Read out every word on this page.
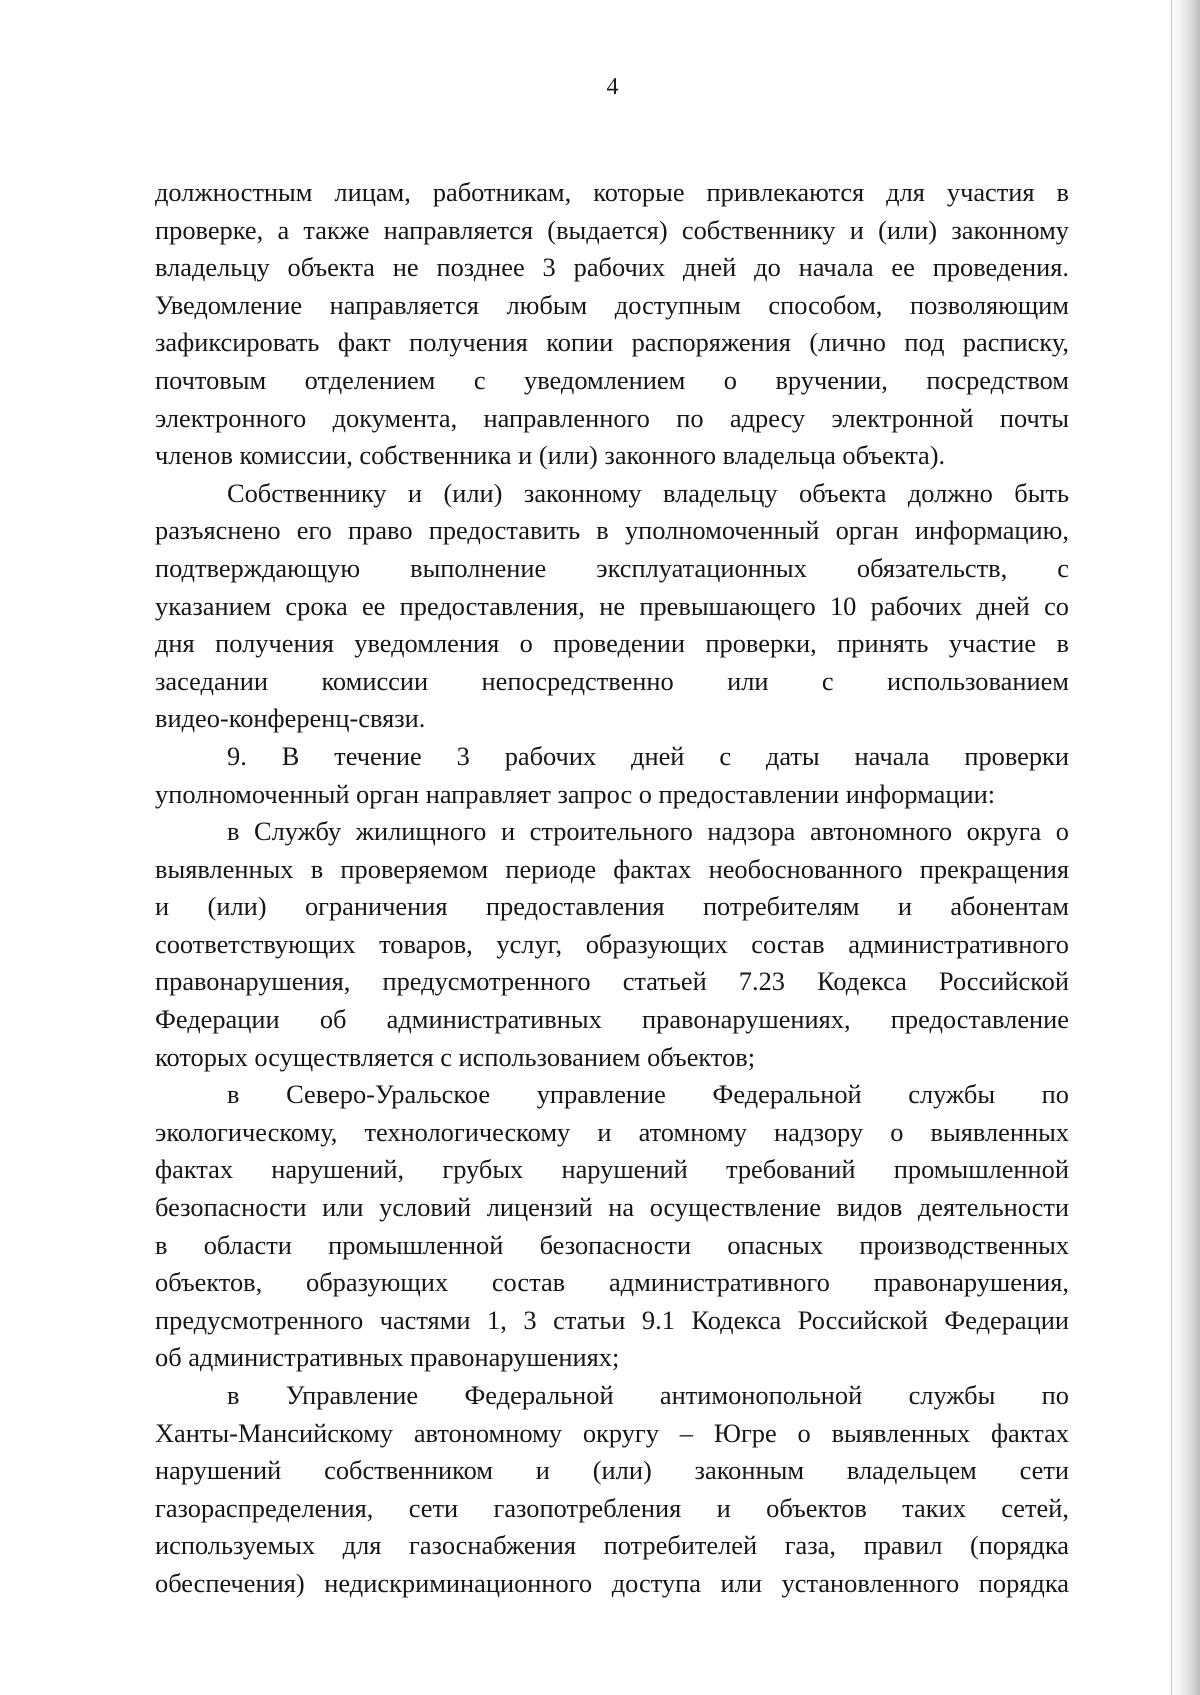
4
должностным лицам, работникам, которые привлекаются для участия в
проверке, а также направляется (выдается) собственнику и (или) законному
владельцу объекта не позднее 3 рабочих дней до начала ее проведения.
Уведомление направляется любым доступным способом, позволяющим
зафиксировать факт получения копии распоряжения (лично под расписку,
почтовым отделением с уведомлением о вручении, посредством
электронного документа, направленного по адресу электронной почты
членов комиссии, собственника и (или) законного владельца объекта).
Собственнику и (или) законному владельцу объекта должно быть
разъяснено его право предоставить в уполномоченный орган информацию,
подтверждающую выполнение эксплуатационных обязательств, с
указанием срока ее предоставления, не превышающего 10 рабочих дней со
дня получения уведомления о проведении проверки, принять участие в
заседании комиссии непосредственно или с использованием
видео-конференц-связи.
9. В течение 3 рабочих дней с даты начала проверки
уполномоченный орган направляет запрос о предоставлении информации:
в Службу жилищного и строительного надзора автономного округа о
выявленных в проверяемом периоде фактах необоснованного прекращения
и (или) ограничения предоставления потребителям и абонентам
соответствующих товаров, услуг, образующих состав административного
правонарушения, предусмотренного статьей 7.23 Кодекса Российской
Федерации об административных правонарушениях, предоставление
которых осуществляется с использованием объектов;
в Северо-Уральское управление Федеральной службы по
экологическому, технологическому и атомному надзору о выявленных
фактах нарушений, грубых нарушений требований промышленной
безопасности или условий лицензий на осуществление видов деятельности
в области промышленной безопасности опасных производственных
объектов, образующих состав административного правонарушения,
предусмотренного частями 1, 3 статьи 9.1 Кодекса Российской Федерации
об административных правонарушениях;
в Управление Федеральной антимонопольной службы по
Ханты-Мансийскому автономному округу – Югре о выявленных фактах
нарушений собственником и (или) законным владельцем сети
газораспределения, сети газопотребления и объектов таких сетей,
используемых для газоснабжения потребителей газа, правил (порядка
обеспечения) недискриминационного доступа или установленного порядка
